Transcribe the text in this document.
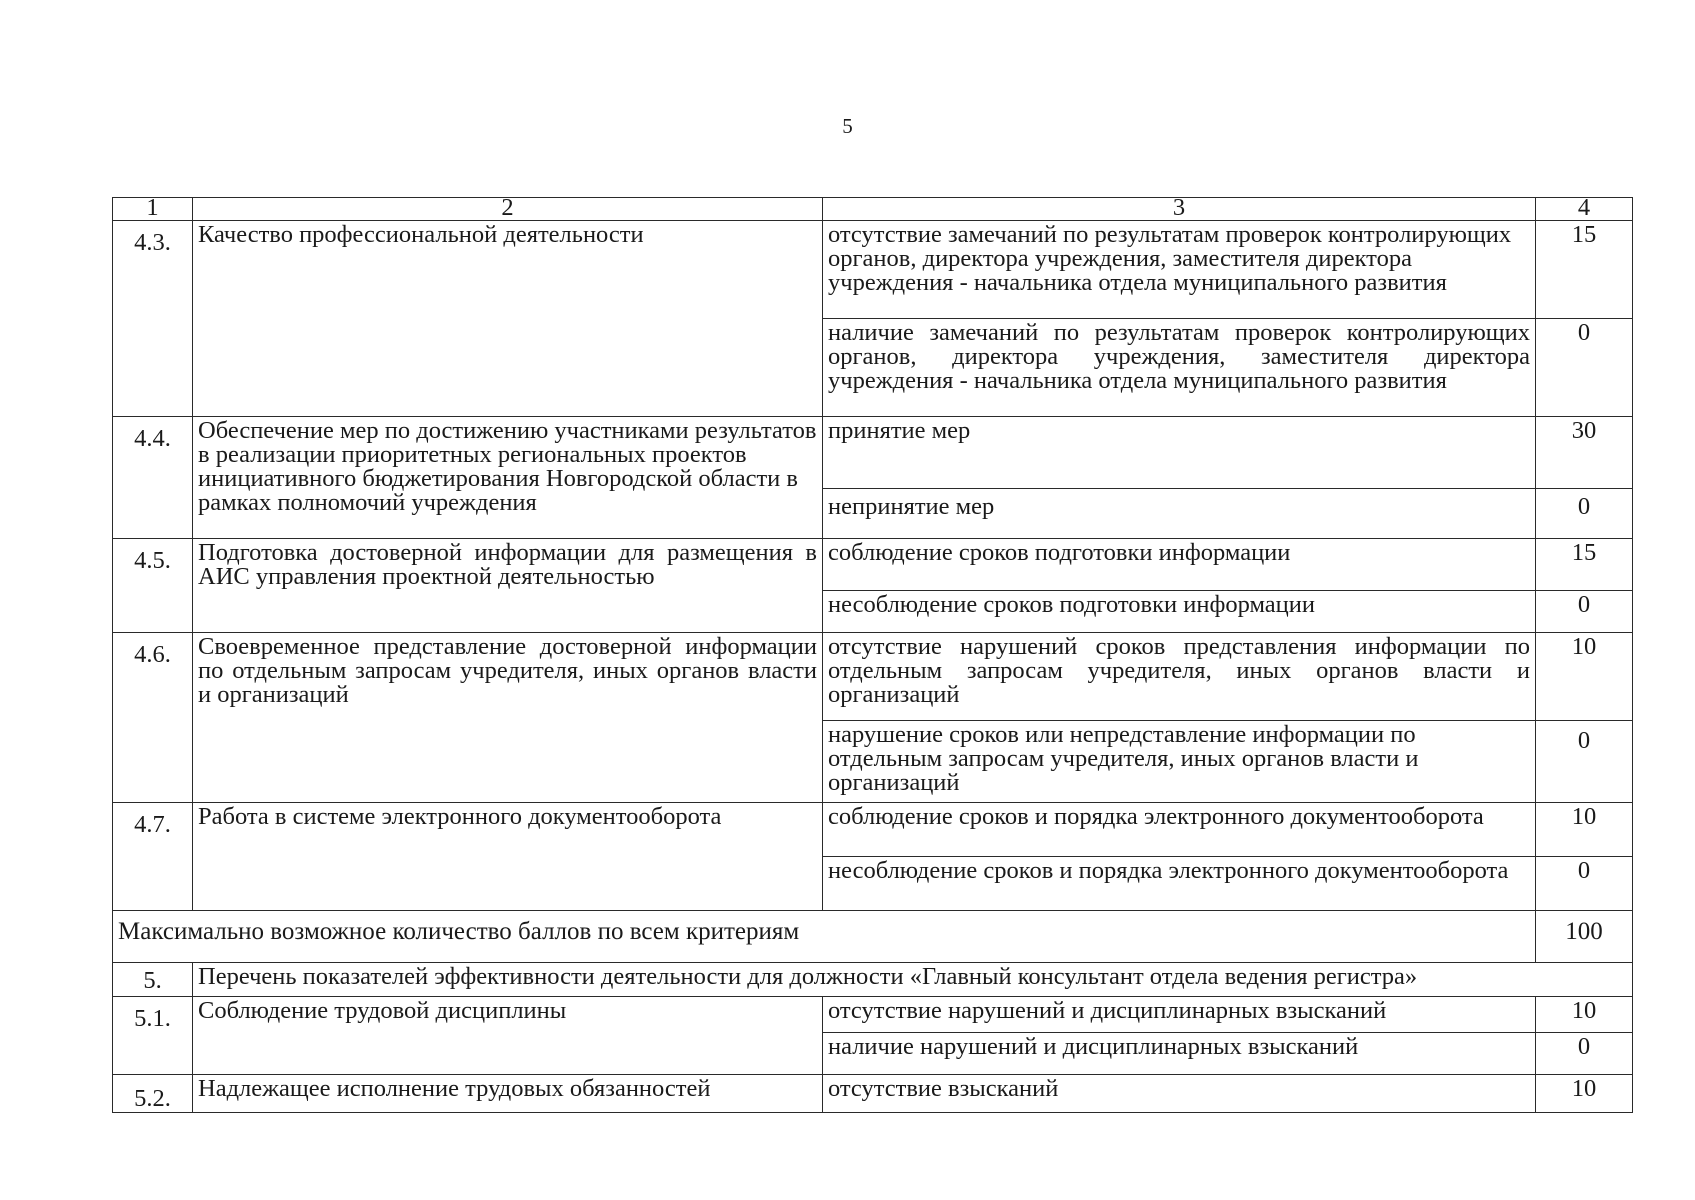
5
1	2	3	4
4.3.	Качество профессиональной деятельности	отсутствие замечаний по результатам проверок контролирующих органов, директора учреждения, заместителя директора учреждения - начальника отдела муниципального развития	15
		наличие замечаний по результатам проверок контролирующих органов, директора учреждения, заместителя директора учреждения - начальника отдела муниципального развития	0
4.4.	Обеспечение мер по достижению участниками результатов в реализации приоритетных региональных проектов инициативного бюджетирования Новгородской области в рамках полномочий учреждения	принятие мер	30
		непринятие мер	0
4.5.	Подготовка достоверной информации для размещения в АИС управления проектной деятельностью	соблюдение сроков подготовки информации	15
		несоблюдение сроков подготовки информации	0
4.6.	Своевременное представление достоверной информации по отдельным запросам учредителя, иных органов власти и организаций	отсутствие нарушений сроков представления информации по отдельным запросам учредителя, иных органов власти и организаций	10
		нарушение сроков или непредставление информации по отдельным запросам учредителя, иных органов власти и организаций	0
4.7.	Работа в системе электронного документооборота	соблюдение сроков и порядка электронного документооборота	10
		несоблюдение сроков и порядка электронного документооборота	0
Максимально возможное количество баллов по всем критериям			100
5.	Перечень показателей эффективности деятельности для должности «Главный консультант отдела ведения регистра»		
5.1.	Соблюдение трудовой дисциплины	отсутствие нарушений и дисциплинарных взысканий	10
		наличие нарушений и дисциплинарных взысканий	0
5.2.	Надлежащее исполнение трудовых обязанностей	отсутствие взысканий	10
